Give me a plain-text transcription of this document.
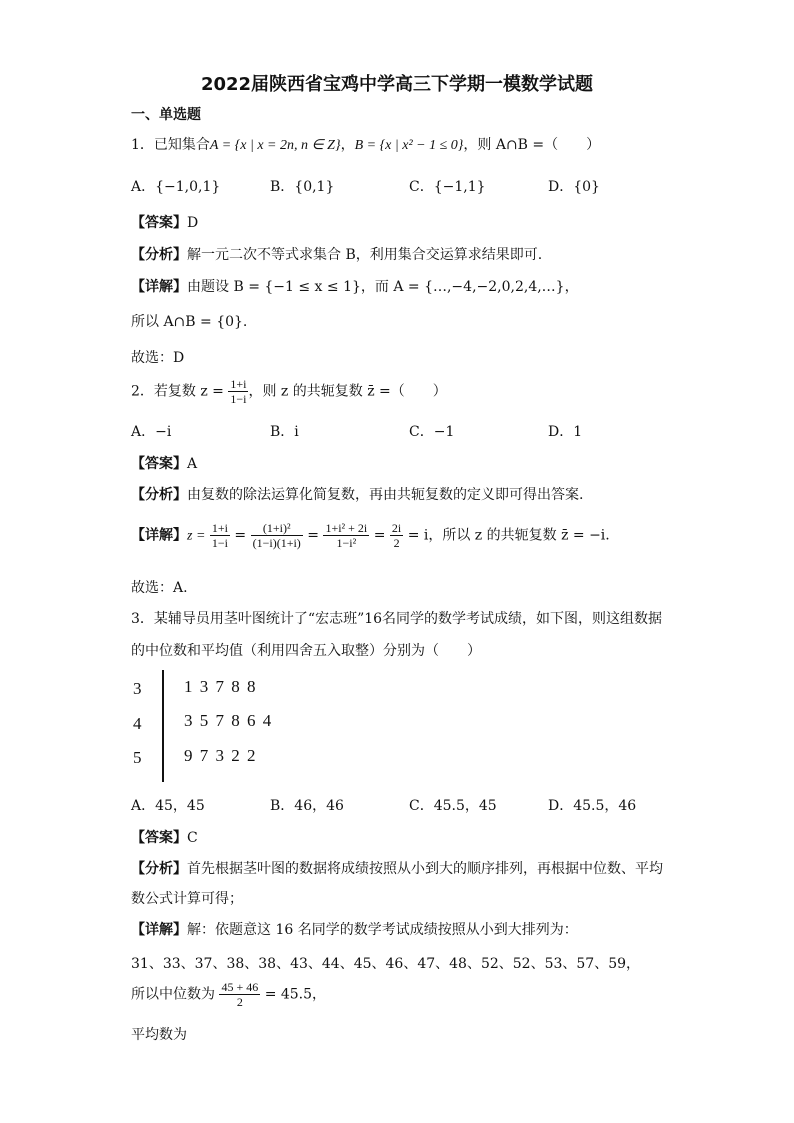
2022届陕西省宝鸡中学高三下学期一模数学试题
一、单选题
1．已知集合A = {x | x = 2n, n ∈ Z}，B = {x | x² − 1 ≤ 0}，则 A∩B =（　　）
A．{−1,0,1}	B．{0,1}	C．{−1,1}	D．{0}
【答案】D
【分析】解一元二次不等式求集合 B，利用集合交运算求结果即可.
【详解】由题设 B = {−1 ≤ x ≤ 1}，而 A = {…,−4,−2,0,2,4,…}，
所以 A∩B = {0}.
故选：D
2．若复数 $z = \frac{1+i}{1-i}$ ，则 z 的共轭复数 z̄ =（　　）
A．−i	B．i	C．−1	D．1
【答案】A
【分析】由复数的除法运算化简复数，再由共轭复数的定义即可得出答案.
【详解】$z = \frac{1+i}{1-i} = \frac{\text{(1+i)²}}{(1-i)(1+i)} = \frac{\text{1+i² + 2i}}{\text{1−i²}} = \frac{2i}{2} = i$，所以 z 的共轭复数 z̄ = −i.
故选：A.
3．某辅导员用茎叶图统计了“宏志班”16名同学的数学考试成绩，如下图，则这组数据
的中位数和平均值（利用四舍五入取整）分别为（　　）
3	1 3 7 8 8
4	3 5 7 8 6 4
5	9 7 3 2 2
A．45，45	B．46，46	C．45.5，45	D．45.5，46
【答案】C
【分析】首先根据茎叶图的数据将成绩按照从小到大的顺序排列，再根据中位数、平均
数公式计算可得；
【详解】解：依题意这 16 名同学的数学考试成绩按照从小到大排列为：
31、33、37、38、38、43、44、45、46、47、48、52、52、53、57、59，
所以中位数为 $\frac{45 + 46}{2} = 45.5$，
平均数为
